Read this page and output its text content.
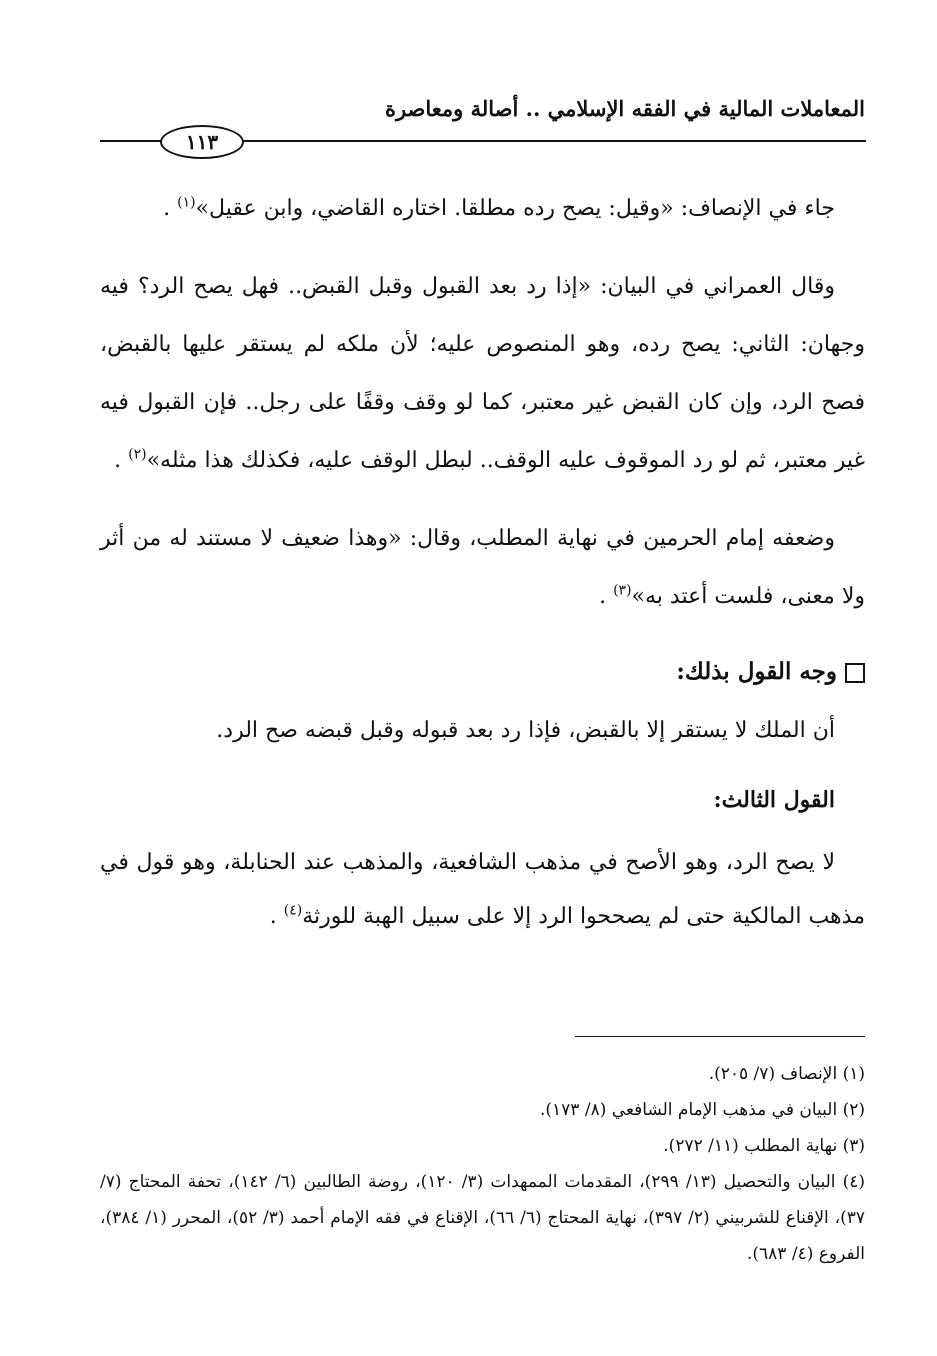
المعاملات المالية في الفقه الإسلامي .. أصالة ومعاصرة
١١٣

جاء في الإنصاف: «وقيل: يصح رده مطلقا. اختاره القاضي، وابن عقيل»$^{(١)}$ .

وقال العمراني في البيان: «إذا رد بعد القبول وقبل القبض.. فهل يصح الرد؟ فيه وجهان: الثاني: يصح رده، وهو المنصوص عليه؛ لأن ملكه لم يستقر عليها بالقبض، فصح الرد، وإن كان القبض غير معتبر، كما لو وقف وقفًا على رجل.. فإن القبول فيه غير معتبر، ثم لو رد الموقوف عليه الوقف.. لبطل الوقف عليه، فكذلك هذا مثله»$^{(٢)}$ .

وضعفه إمام الحرمين في نهاية المطلب، وقال: «وهذا ضعيف لا مستند له من أثر ولا معنى، فلست أعتد به»$^{(٣)}$ .

وجه القول بذلك:

أن الملك لا يستقر إلا بالقبض، فإذا رد بعد قبوله وقبل قبضه صح الرد.

القول الثالث:

لا يصح الرد، وهو الأصح في مذهب الشافعية، والمذهب عند الحنابلة، وهو قول في مذهب المالكية حتى لم يصححوا الرد إلا على سبيل الهبة للورثة$^{(٤)}$ .

(١) الإنصاف (٧/ ٢٠٥).

(٢) البيان في مذهب الإمام الشافعي (٨/ ١٧٣).

(٣) نهاية المطلب (١١/ ٢٧٢).

(٤) البيان والتحصيل (١٣/ ٢٩٩)، المقدمات الممهدات (٣/ ١٢٠)، روضة الطالبين (٦/ ١٤٢)، تحفة المحتاج (٧/ ٣٧)، الإقناع للشربيني (٢/ ٣٩٧)، نهاية المحتاج (٦/ ٦٦)، الإقناع في فقه الإمام أحمد (٣/ ٥٢)، المحرر (١/ ٣٨٤)، الفروع (٤/ ٦٨٣).
